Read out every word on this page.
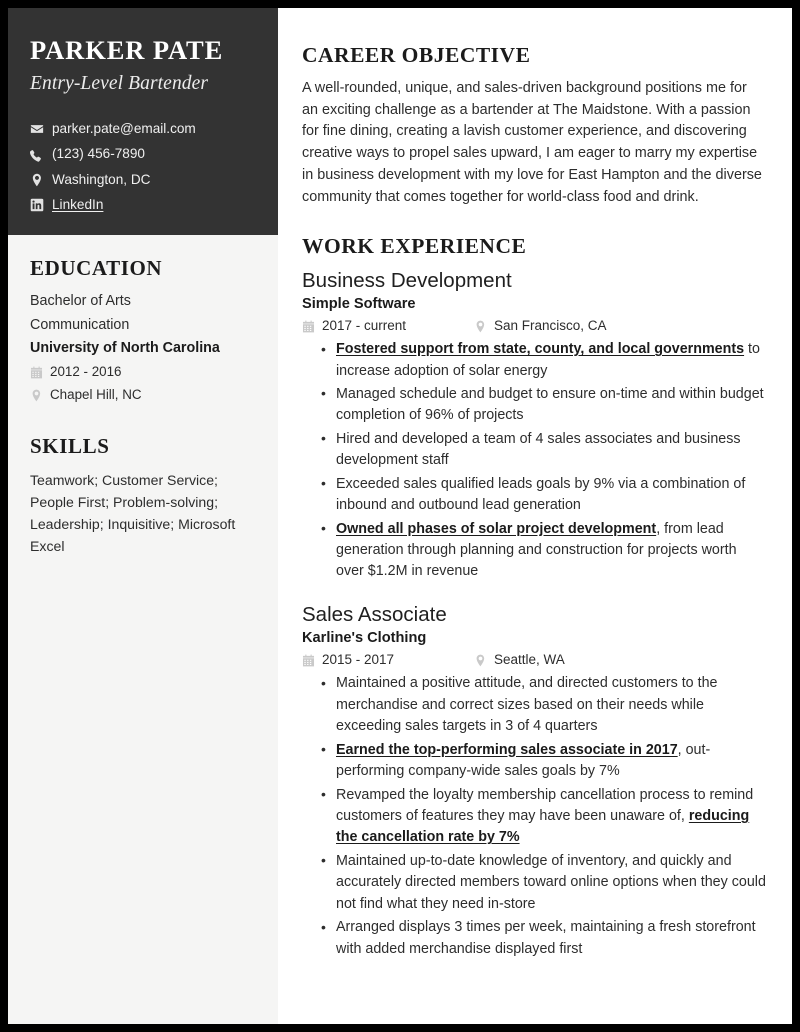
PARKER PATE
Entry-Level Bartender
parker.pate@email.com
(123) 456-7890
Washington, DC
LinkedIn
EDUCATION
Bachelor of Arts
Communication
University of North Carolina
2012 - 2016
Chapel Hill, NC
SKILLS

Teamwork; Customer Service; People First; Problem-solving; Leadership; Inquisitive; Microsoft Excel

CAREER OBJECTIVE

A well-rounded, unique, and sales-driven background positions me for an exciting challenge as a bartender at The Maidstone. With a passion for fine dining, creating a lavish customer experience, and discovering creative ways to propel sales upward, I am eager to marry my expertise in business development with my love for East Hampton and the diverse community that comes together for world-class food and drink.

WORK EXPERIENCE
Business Development
Simple Software
2017 - current	San Francisco, CA
• Fostered support from state, county, and local governments to increase adoption of solar energy
• Managed schedule and budget to ensure on-time and within budget completion of 96% of projects
• Hired and developed a team of 4 sales associates and business development staff
• Exceeded sales qualified leads goals by 9% via a combination of inbound and outbound lead generation
• Owned all phases of solar project development, from lead generation through planning and construction for projects worth over $1.2M in revenue
Sales Associate
Karline's Clothing
2015 - 2017	Seattle, WA
• Maintained a positive attitude, and directed customers to the merchandise and correct sizes based on their needs while exceeding sales targets in 3 of 4 quarters
• Earned the top-performing sales associate in 2017, out-performing company-wide sales goals by 7%
• Revamped the loyalty membership cancellation process to remind customers of features they may have been unaware of, reducing the cancellation rate by 7%
• Maintained up-to-date knowledge of inventory, and quickly and accurately directed members toward online options when they could not find what they need in-store
• Arranged displays 3 times per week, maintaining a fresh storefront with added merchandise displayed first
